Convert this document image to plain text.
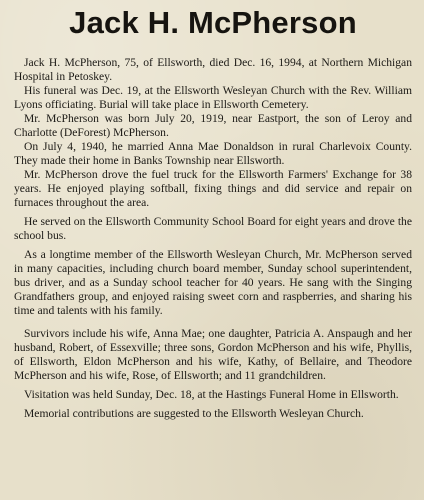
Jack H. McPherson

Jack H. McPherson, 75, of Ellsworth, died Dec. 16, 1994, at Northern Michigan Hospital in Petoskey.

His funeral was Dec. 19, at the Ellsworth Wesleyan Church with the Rev. William Lyons officiating. Burial will take place in Ellsworth Cemetery.

Mr. McPherson was born July 20, 1919, near Eastport, the son of Leroy and Charlotte (DeForest) McPherson.

On July 4, 1940, he married Anna Mae Donaldson in rural Charlevoix County. They made their home in Banks Township near Ellsworth.

Mr. McPherson drove the fuel truck for the Ellsworth Farmers' Exchange for 38 years. He enjoyed playing softball, fixing things and did service and repair on furnaces throughout the area.

He served on the Ellsworth Community School Board for eight years and drove the school bus.

As a longtime member of the Ellsworth Wesleyan Church, Mr. McPherson served in many capacities, including church board member, Sunday school superintendent, bus driver, and as a Sunday school teacher for 40 years. He sang with the Singing Grandfathers group, and enjoyed raising sweet corn and raspberries, and sharing his time and talents with his family.

Survivors include his wife, Anna Mae; one daughter, Patricia A. Anspaugh and her husband, Robert, of Essexville; three sons, Gordon McPherson and his wife, Phyllis, of Ellsworth, Eldon McPherson and his wife, Kathy, of Bellaire, and Theodore McPherson and his wife, Rose, of Ellsworth; and 11 grandchildren.

Visitation was held Sunday, Dec. 18, at the Hastings Funeral Home in Ellsworth.

Memorial contributions are suggested to the Ellsworth Wesleyan Church.
